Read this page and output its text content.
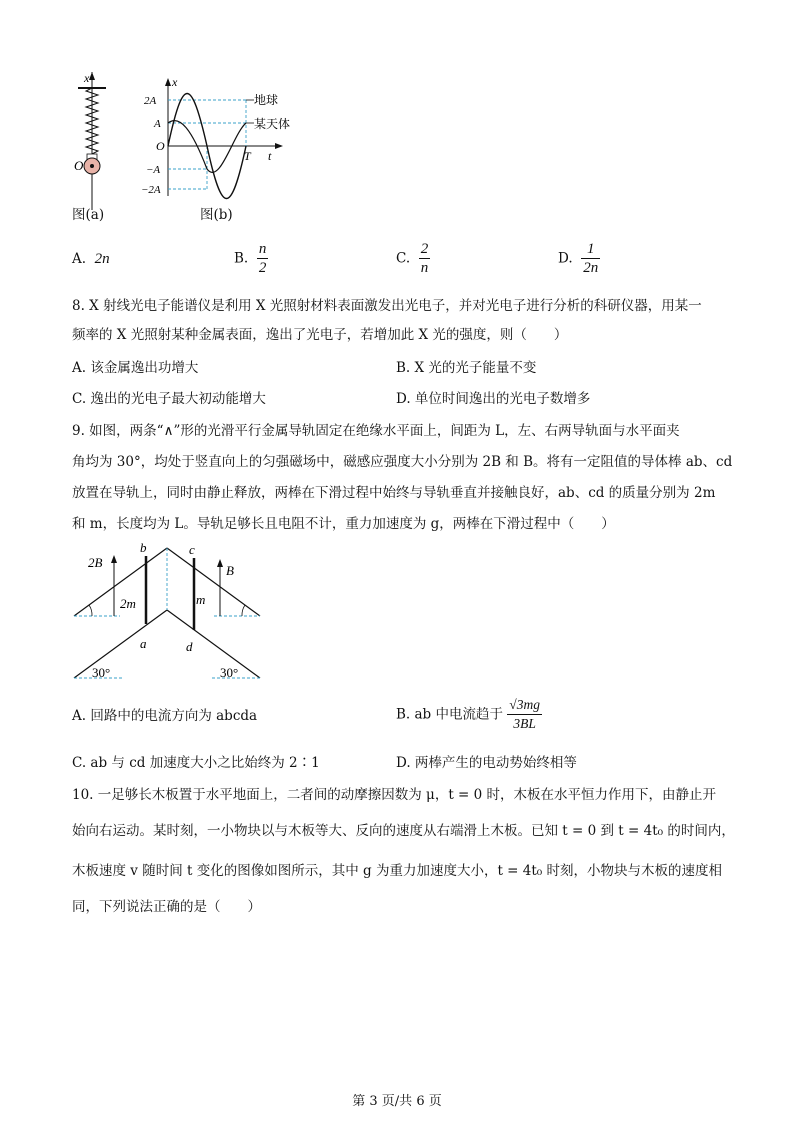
x
O
图(a)
x
t
O
2A
A
−A
−2A
T
地球
某天体
图(b)
A. 2n	B. $\frac{n}{2}$	C. $\frac{2}{n}$	D. $\frac{1}{2n}$
8. X 射线光电子能谱仪是利用 X 光照射材料表面激发出光电子，并对光电子进行分析的科研仪器，用某一
频率的 X 光照射某种金属表面，逸出了光电子，若增加此 X 光的强度，则（　　）
A. 该金属逸出功增大	B. X 光的光子能量不变
C. 逸出的光电子最大初动能增大	D. 单位时间逸出的光电子数增多
9. 如图，两条“∧”形的光滑平行金属导轨固定在绝缘水平面上，间距为 L，左、右两导轨面与水平面夹
角均为 30°，均处于竖直向上的匀强磁场中，磁感应强度大小分别为 2B 和 B。将有一定阻值的导体棒 ab、cd
放置在导轨上，同时由静止释放，两棒在下滑过程中始终与导轨垂直并接触良好，ab、cd 的质量分别为 2m
和 m，长度均为 L。导轨足够长且电阻不计，重力加速度为 g，两棒在下滑过程中（　　）
2B
B
b	c
a	d
2m	m
30°	30°
A. 回路中的电流方向为 abcda	B. ab 中电流趋于 $\frac{√3mg}{3BL}$
C. ab 与 cd 加速度大小之比始终为 2∶1	D. 两棒产生的电动势始终相等
10. 一足够长木板置于水平地面上，二者间的动摩擦因数为 μ，t = 0 时，木板在水平恒力作用下，由静止开
始向右运动。某时刻，一小物块以与木板等大、反向的速度从右端滑上木板。已知 t = 0 到 t = 4t₀ 的时间内，
木板速度 v 随时间 t 变化的图像如图所示，其中 g 为重力加速度大小，t = 4t₀ 时刻，小物块与木板的速度相
同，下列说法正确的是（　　）
第 3 页/共 6 页
